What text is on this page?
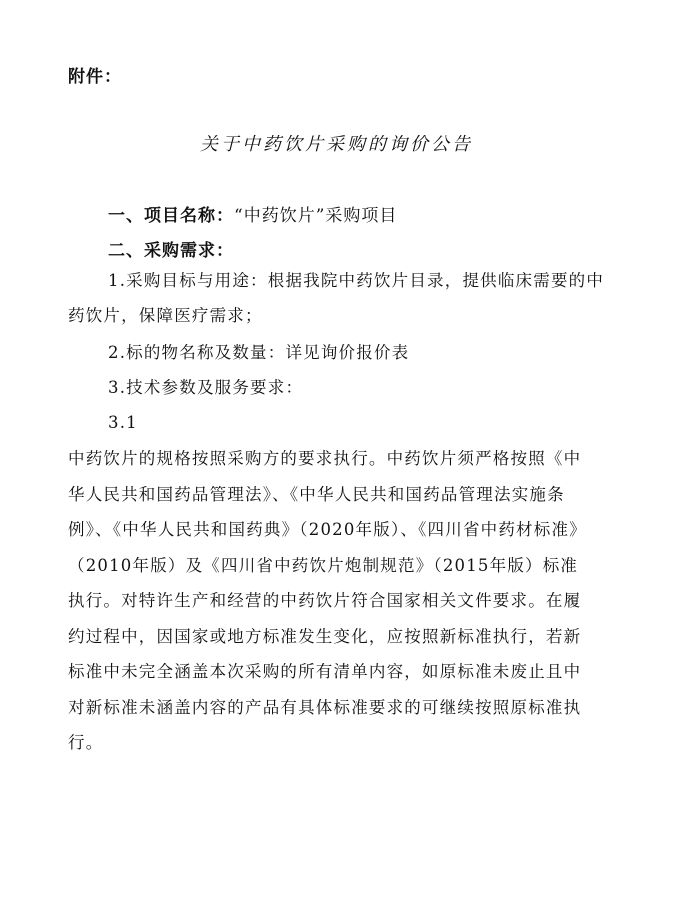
附件：
关于中药饮片采购的询价公告
一、项目名称：“中药饮片”采购项目
二、采购需求：
1.采购目标与用途：根据我院中药饮片目录，提供临床需要的中药饮片，保障医疗需求；
2.标的物名称及数量：详见询价报价表
3.技术参数及服务要求：
3.1
中药饮片的规格按照采购方的要求执行。中药饮片须严格按照《中华人民共和国药品管理法》、《中华人民共和国药品管理法实施条例》、《中华人民共和国药典》（2020年版）、《四川省中药材标准》（2010年版）及《四川省中药饮片炮制规范》（2015年版）标准执行。对特许生产和经营的中药饮片符合国家相关文件要求。在履约过程中，因国家或地方标准发生变化，应按照新标准执行，若新标准中未完全涵盖本次采购的所有清单内容，如原标准未废止且中对新标准未涵盖内容的产品有具体标准要求的可继续按照原标准执行。
